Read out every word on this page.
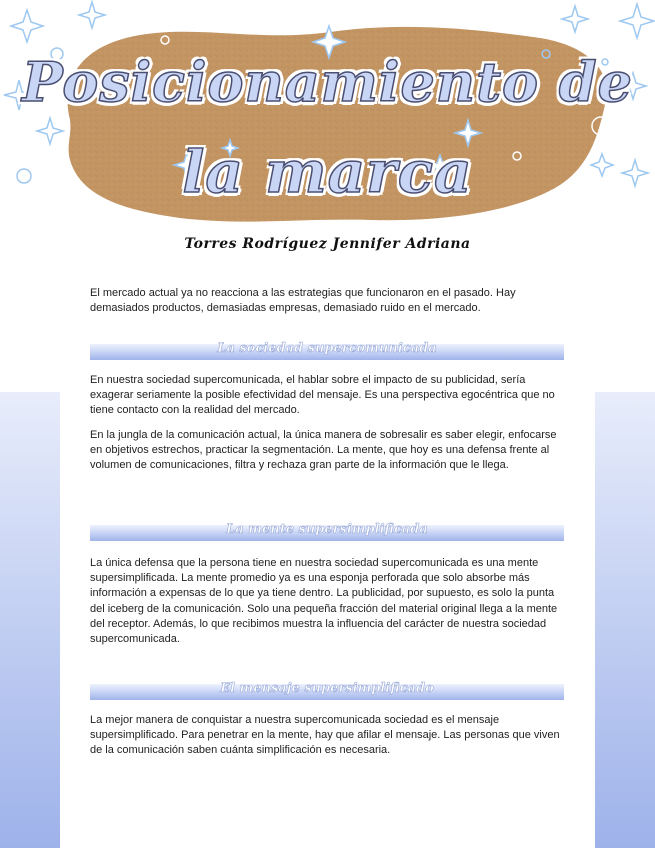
Posicionamiento de
la marca
Torres Rodríguez Jennifer Adriana

El mercado actual ya no reacciona a las estrategias que funcionaron en el pasado. Hay demasiados productos, demasiadas empresas, demasiado ruido en el mercado.

La sociedad supercomunicada

En nuestra sociedad supercomunicada, el hablar sobre el impacto de su publicidad, sería exagerar seriamente la posible efectividad del mensaje. Es una perspectiva egocéntrica que no tiene contacto con la realidad del mercado.

En la jungla de la comunicación actual, la única manera de sobresalir es saber elegir, enfocarse en objetivos estrechos, practicar la segmentación. La mente, que hoy es una defensa frente al volumen de comunicaciones, filtra y rechaza gran parte de la información que le llega.

La mente supersimplificada

La única defensa que la persona tiene en nuestra sociedad supercomunicada es una mente supersimplificada. La mente promedio ya es una esponja perforada que solo absorbe más información a expensas de lo que ya tiene dentro. La publicidad, por supuesto, es solo la punta del iceberg de la comunicación. Solo una pequeña fracción del material original llega a la mente del receptor. Además, lo que recibimos muestra la influencia del carácter de nuestra sociedad supercomunicada.

El mensaje supersimplificado

La mejor manera de conquistar a nuestra supercomunicada sociedad es el mensaje supersimplificado. Para penetrar en la mente, hay que afilar el mensaje. Las personas que viven de la comunicación saben cuánta simplificación es necesaria.
